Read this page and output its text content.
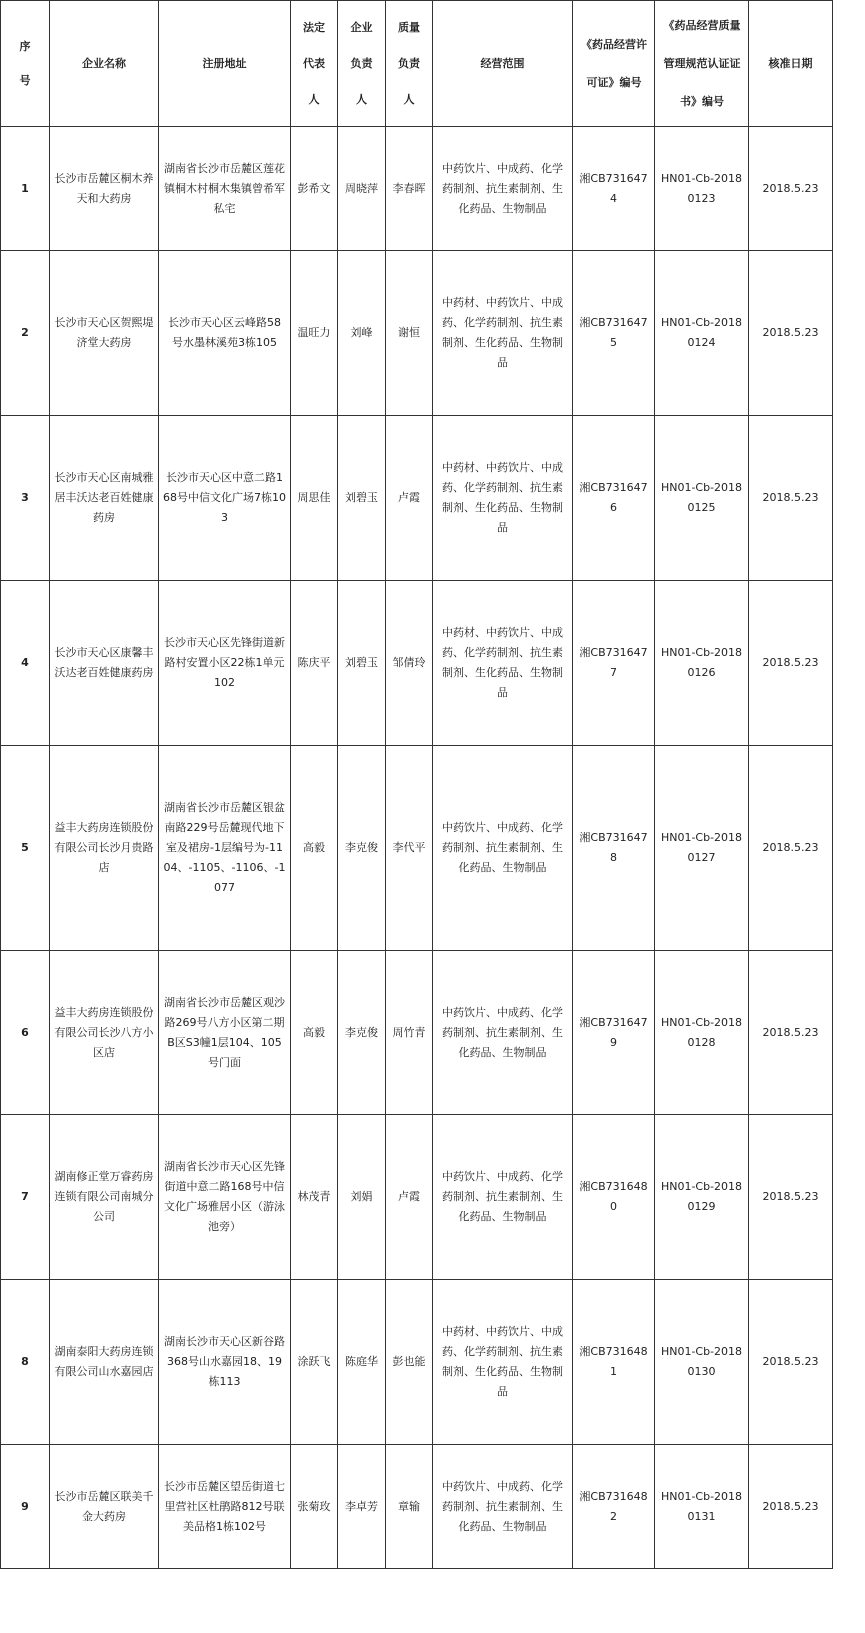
序号	企业名称	注册地址	法定代表人	企业负责人	质量负责人	经营范围	《药品经营许可证》编号	《药品经营质量管理规范认证证书》编号	核准日期
1	长沙市岳麓区桐木养天和大药房	湖南省长沙市岳麓区莲花镇桐木村桐木集镇曾希军私宅	彭希文	周晓萍	李春晖	中药饮片、中成药、化学药制剂、抗生素制剂、生化药品、生物制品	湘CB7316474	HN01-Cb-20180123	2018.5.23
2	长沙市天心区贺熙堤济堂大药房	长沙市天心区云峰路58号水墨林溪苑3栋105	温旺力	刘峰	谢恒	中药材、中药饮片、中成药、化学药制剂、抗生素制剂、生化药品、生物制品	湘CB7316475	HN01-Cb-20180124	2018.5.23
3	长沙市天心区南城雅居丰沃达老百姓健康药房	长沙市天心区中意二路168号中信文化广场7栋103	周思佳	刘碧玉	卢霞	中药材、中药饮片、中成药、化学药制剂、抗生素制剂、生化药品、生物制品	湘CB7316476	HN01-Cb-20180125	2018.5.23
4	长沙市天心区康馨丰沃达老百姓健康药房	长沙市天心区先锋街道新路村安置小区22栋1单元102	陈庆平	刘碧玉	邹倩玲	中药材、中药饮片、中成药、化学药制剂、抗生素制剂、生化药品、生物制品	湘CB7316477	HN01-Cb-20180126	2018.5.23
5	益丰大药房连锁股份有限公司长沙月贵路店	湖南省长沙市岳麓区银盆南路229号岳麓现代地下室及裙房-1层编号为-1104、-1105、-1106、-1077	高毅	李克俊	李代平	中药饮片、中成药、化学药制剂、抗生素制剂、生化药品、生物制品	湘CB7316478	HN01-Cb-20180127	2018.5.23
6	益丰大药房连锁股份有限公司长沙八方小区店	湖南省长沙市岳麓区观沙路269号八方小区第二期B区S3幢1层104、105号门面	高毅	李克俊	周竹青	中药饮片、中成药、化学药制剂、抗生素制剂、生化药品、生物制品	湘CB7316479	HN01-Cb-20180128	2018.5.23
7	湖南修正堂万睿药房连锁有限公司南城分公司	湖南省长沙市天心区先锋街道中意二路168号中信文化广场雅居小区（游泳池旁）	林茂青	刘娟	卢霞	中药饮片、中成药、化学药制剂、抗生素制剂、生化药品、生物制品	湘CB7316480	HN01-Cb-20180129	2018.5.23
8	湖南泰阳大药房连锁有限公司山水嘉园店	湖南长沙市天心区新谷路368号山水嘉园18、19栋113	涂跃飞	陈庭华	彭也能	中药材、中药饮片、中成药、化学药制剂、抗生素制剂、生化药品、生物制品	湘CB7316481	HN01-Cb-20180130	2018.5.23
9	长沙市岳麓区联美千金大药房	长沙市岳麓区望岳街道七里营社区杜鹃路812号联美品格1栋102号	张菊玫	李卓芳	章输	中药饮片、中成药、化学药制剂、抗生素制剂、生化药品、生物制品	湘CB7316482	HN01-Cb-20180131	2018.5.23
